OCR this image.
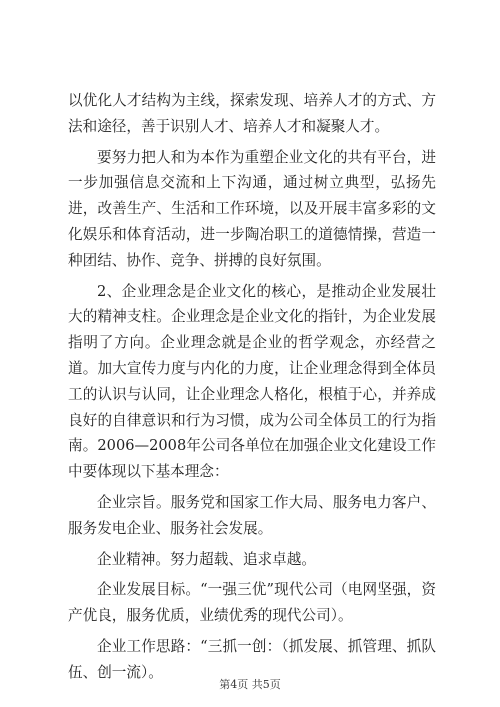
以优化人才结构为主线，探索发现、培养人才的方式、方法和途径，善于识别人才、培养人才和凝聚人才。

要努力把人和为本作为重塑企业文化的共有平台，进一步加强信息交流和上下沟通，通过树立典型，弘扬先进，改善生产、生活和工作环境，以及开展丰富多彩的文化娱乐和体育活动，进一步陶冶职工的道德情操，营造一种团结、协作、竞争、拼搏的良好氛围。

2、企业理念是企业文化的核心，是推动企业发展壮大的精神支柱。企业理念是企业文化的指针，为企业发展指明了方向。企业理念就是企业的哲学观念，亦经营之道。加大宣传力度与内化的力度，让企业理念得到全体员工的认识与认同，让企业理念人格化，根植于心，并养成良好的自律意识和行为习惯，成为公司全体员工的行为指南。2006—2008年公司各单位在加强企业文化建设工作中要体现以下基本理念：

企业宗旨。服务党和国家工作大局、服务电力客户、服务发电企业、服务社会发展。

企业精神。努力超载、追求卓越。

企业发展目标。“一强三优”现代公司（电网坚强，资产优良，服务优质，业绩优秀的现代公司）。

企业工作思路：“三抓一创：（抓发展、抓管理、抓队伍、创一流）。

第4页 共5页
